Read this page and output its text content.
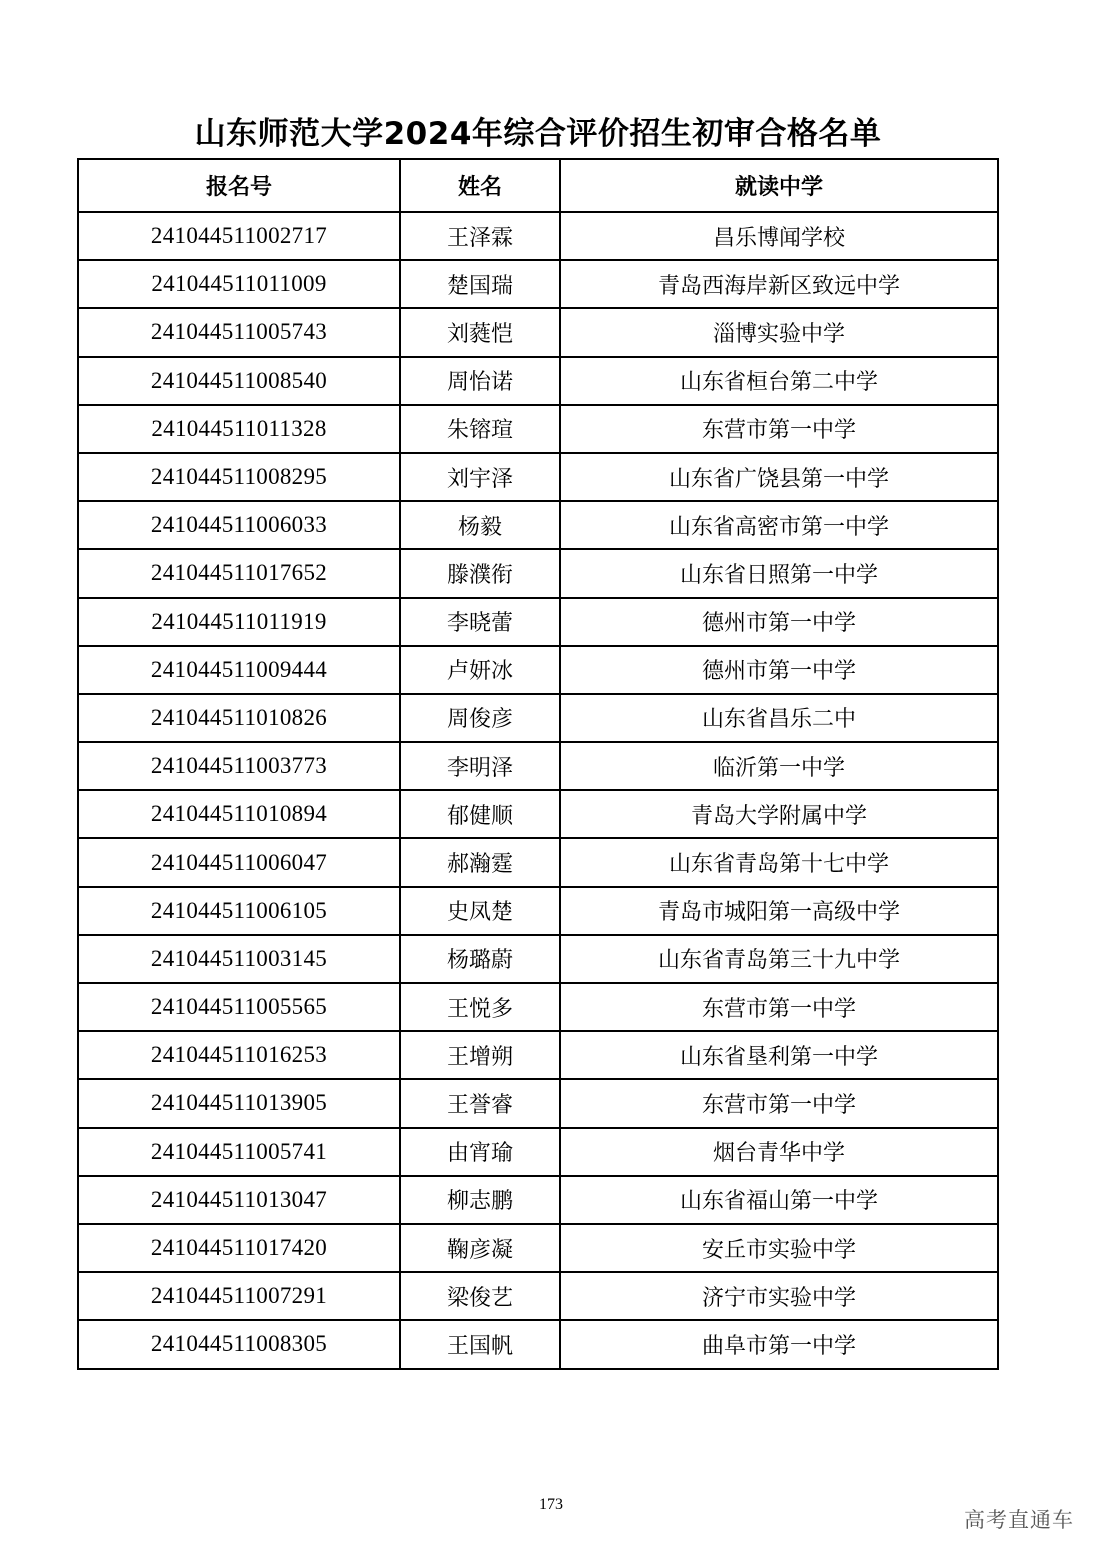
山东师范大学2024年综合评价招生初审合格名单
报名号	姓名	就读中学
241044511002717	王泽霖	昌乐博闻学校
241044511011009	楚国瑞	青岛西海岸新区致远中学
241044511005743	刘蕤恺	淄博实验中学
241044511008540	周怡诺	山东省桓台第二中学
241044511011328	朱镕瑄	东营市第一中学
241044511008295	刘宇泽	山东省广饶县第一中学
241044511006033	杨毅	山东省高密市第一中学
241044511017652	滕濮衔	山东省日照第一中学
241044511011919	李晓蕾	德州市第一中学
241044511009444	卢妍冰	德州市第一中学
241044511010826	周俊彦	山东省昌乐二中
241044511003773	李明泽	临沂第一中学
241044511010894	郁健顺	青岛大学附属中学
241044511006047	郝瀚霆	山东省青岛第十七中学
241044511006105	史凤楚	青岛市城阳第一高级中学
241044511003145	杨璐蔚	山东省青岛第三十九中学
241044511005565	王悦多	东营市第一中学
241044511016253	王增朔	山东省垦利第一中学
241044511013905	王誉睿	东营市第一中学
241044511005741	由宵瑜	烟台青华中学
241044511013047	柳志鹏	山东省福山第一中学
241044511017420	鞠彦凝	安丘市实验中学
241044511007291	梁俊艺	济宁市实验中学
241044511008305	王国帆	曲阜市第一中学
173
高考直通车
